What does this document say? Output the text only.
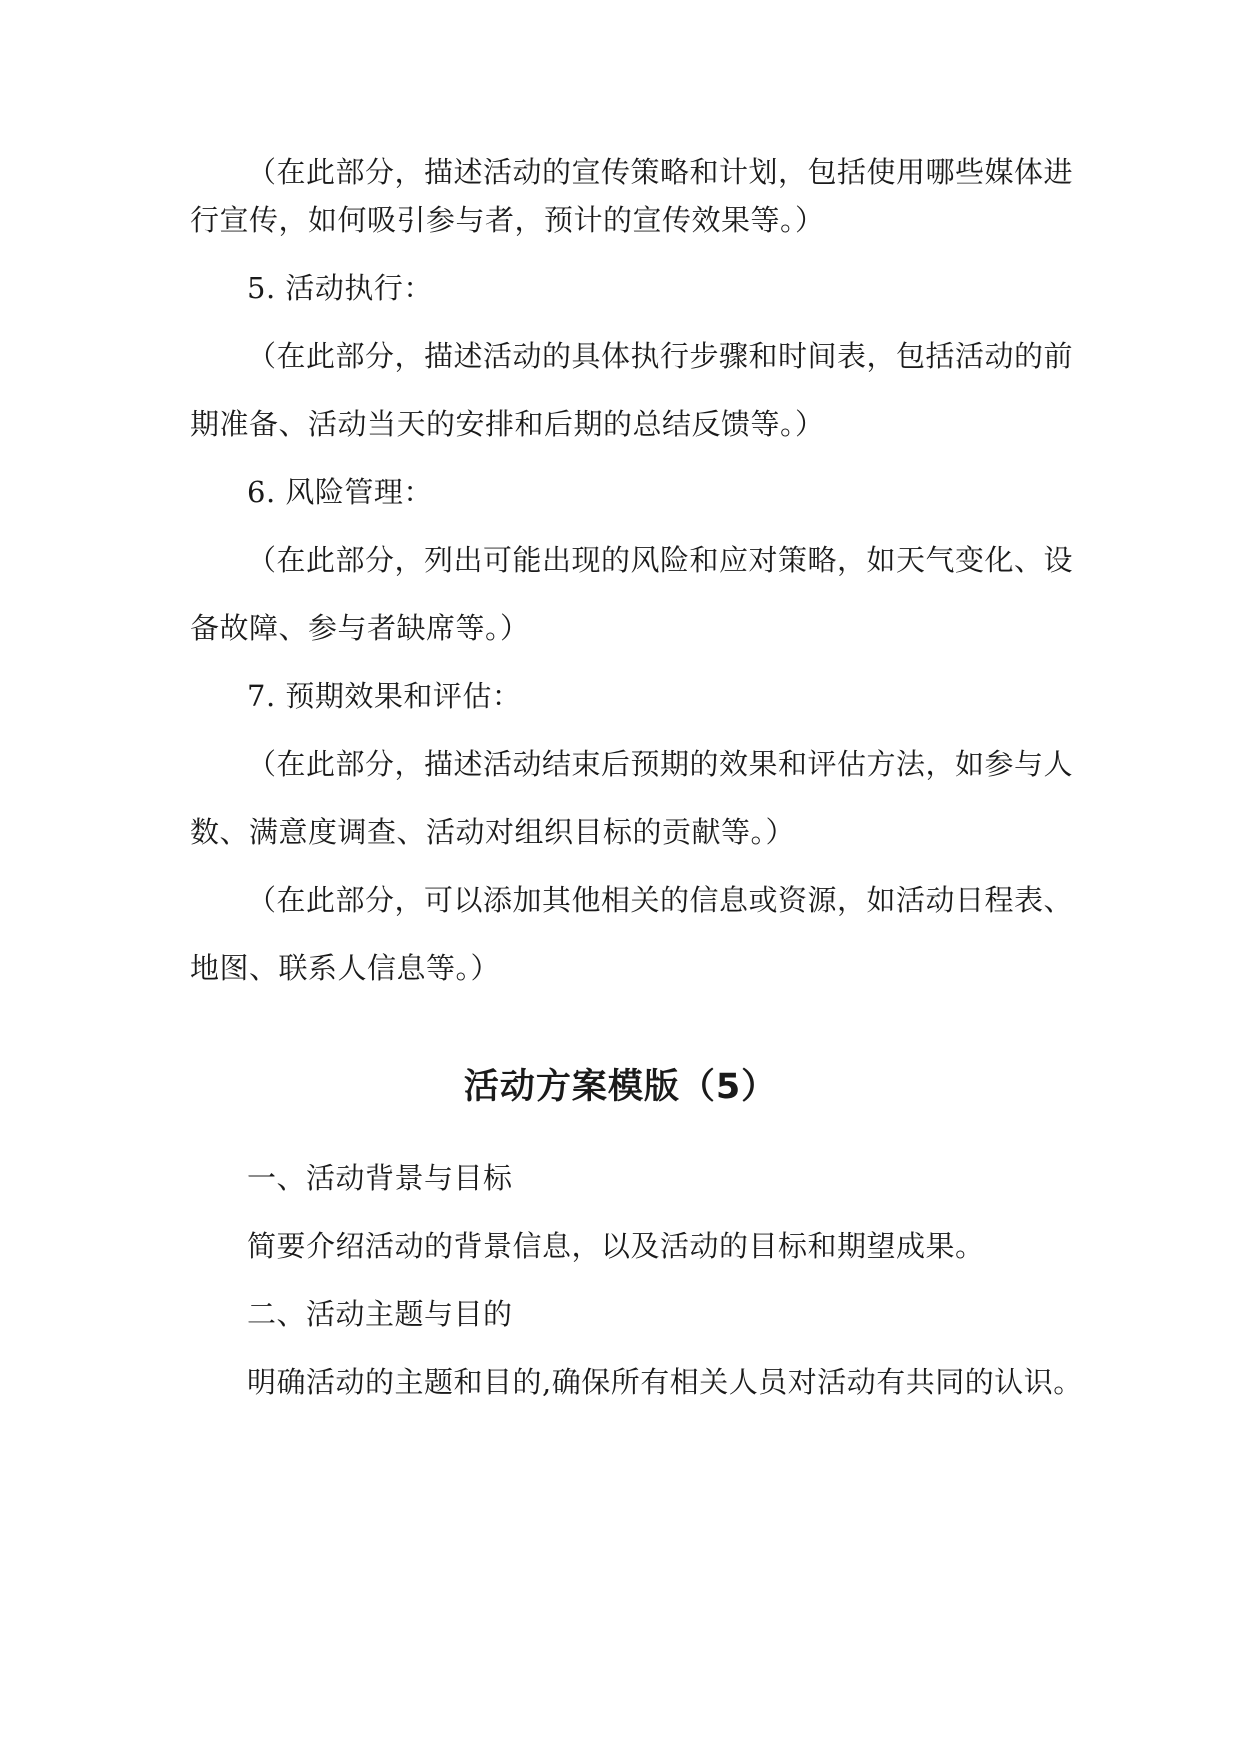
（在此部分，描述活动的宣传策略和计划，包括使用哪些媒体进
行宣传，如何吸引参与者，预计的宣传效果等。）
5. 活动执行：
（在此部分，描述活动的具体执行步骤和时间表，包括活动的前
期准备、活动当天的安排和后期的总结反馈等。）
6. 风险管理：
（在此部分，列出可能出现的风险和应对策略，如天气变化、设
备故障、参与者缺席等。）
7. 预期效果和评估：
（在此部分，描述活动结束后预期的效果和评估方法，如参与人
数、满意度调查、活动对组织目标的贡献等。）
（在此部分，可以添加其他相关的信息或资源，如活动日程表、
地图、联系人信息等。）
活动方案模版（5）
一、活动背景与目标
简要介绍活动的背景信息，以及活动的目标和期望成果。
二、活动主题与目的
明确活动的主题和目的,确保所有相关人员对活动有共同的认识。
